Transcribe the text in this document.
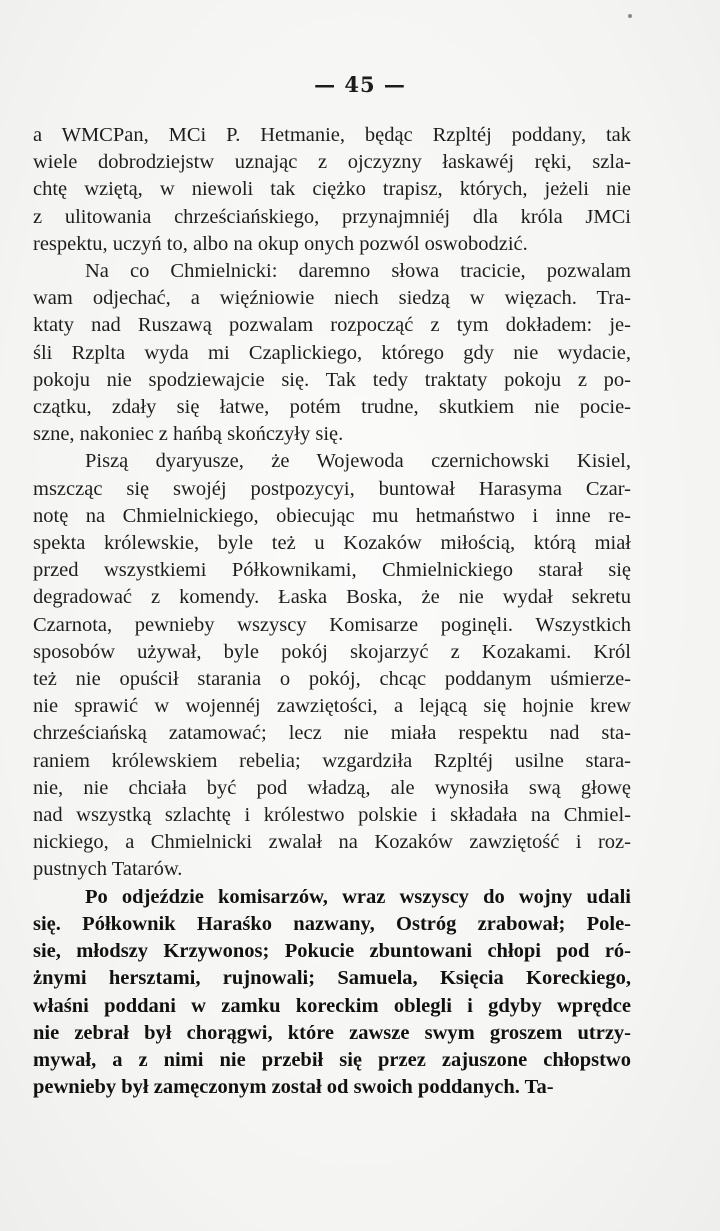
— 45 —
a WMCPan, MCi P. Hetmanie, będąc Rzpltéj poddany, tak
wiele dobrodziejstw uznając z ojczyzny łaskawéj ręki, szla-
chtę wziętą, w niewoli tak ciężko trapisz, których, jeżeli nie
z ulitowania chrześciańskiego, przynajmniéj dla króla JMCi
respektu, uczyń to, albo na okup onych pozwól oswobodzić.
Na co Chmielnicki: daremno słowa tracicie, pozwalam
wam odjechać, a więźniowie niech siedzą w więzach. Tra-
ktaty nad Ruszawą pozwalam rozpocząć z tym dokładem: je-
śli Rzplta wyda mi Czaplickiego, którego gdy nie wydacie,
pokoju nie spodziewajcie się. Tak tedy traktaty pokoju z po-
czątku, zdały się łatwe, potém trudne, skutkiem nie pocie-
szne, nakoniec z hańbą skończyły się.
Piszą dyaryusze, że Wojewoda czernichowski Kisiel,
mszcząc się swojéj postpozycyi, buntował Harasyma Czar-
notę na Chmielnickiego, obiecując mu hetmaństwo i inne re-
spekta królewskie, byle też u Kozaków miłością, którą miał
przed wszystkiemi Półkownikami, Chmielnickiego starał się
degradować z komendy. Łaska Boska, że nie wydał sekretu
Czarnota, pewnieby wszyscy Komisarze poginęli. Wszystkich
sposobów używał, byle pokój skojarzyć z Kozakami. Król
też nie opuścił starania o pokój, chcąc poddanym uśmierze-
nie sprawić w wojennéj zawziętości, a lejącą się hojnie krew
chrześciańską zatamować; lecz nie miała respektu nad sta-
raniem królewskiem rebelia; wzgardziła Rzpltéj usilne stara-
nie, nie chciała być pod władzą, ale wynosiła swą głowę
nad wszystką szlachtę i królestwo polskie i składała na Chmiel-
nickiego, a Chmielnicki zwalał na Kozaków zawziętość i roz-
pustnych Tatarów.
Po odjeździe komisarzów, wraz wszyscy do wojny udali
się. Półkownik Haraśko nazwany, Ostróg zrabował; Pole-
sie, młodszy Krzywonos; Pokucie zbuntowani chłopi pod ró-
żnymi hersztami, rujnowali; Samuela, Księcia Koreckiego,
właśni poddani w zamku koreckim oblegli i gdyby wprędce
nie zebrał był chorągwi, które zawsze swym groszem utrzy-
mywał, a z nimi nie przebił się przez zajuszone chłopstwo
pewnieby był zamęczonym został od swoich poddanych. Ta-
